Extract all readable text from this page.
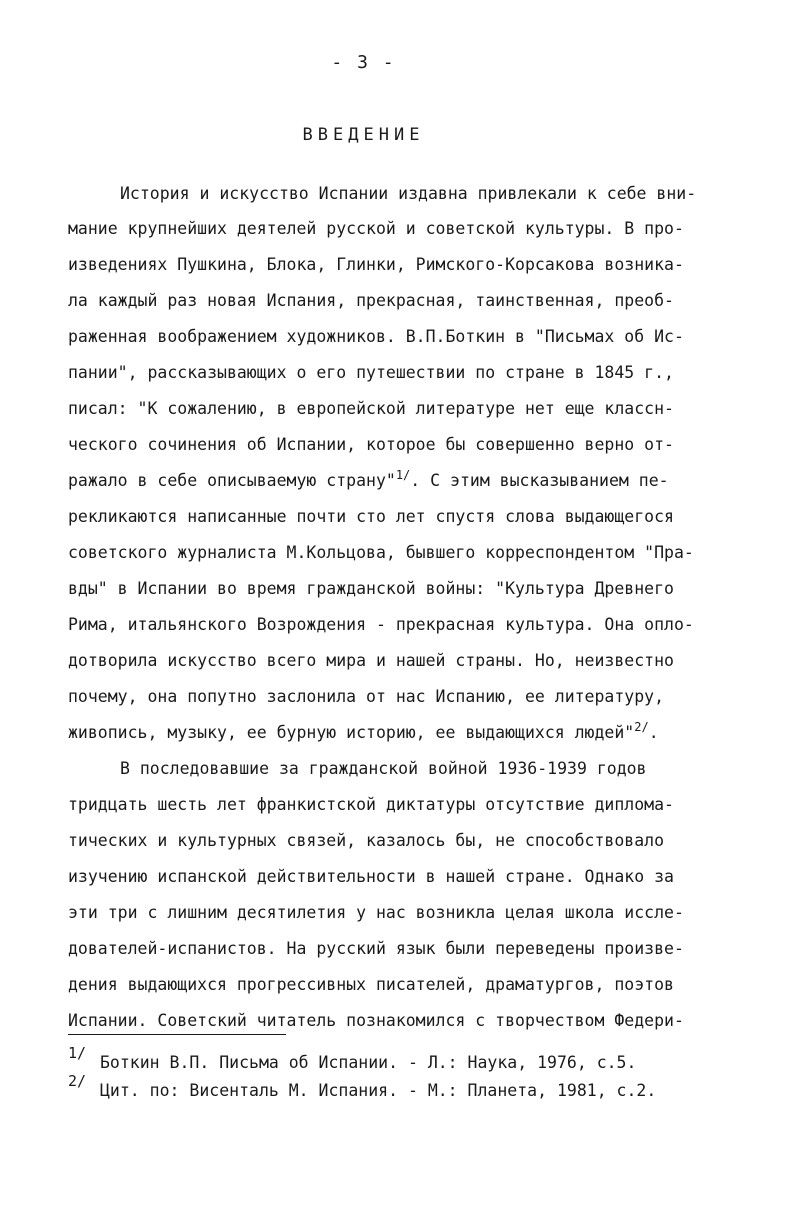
- 3 -
ВВЕДЕНИЕ
История и искусство Испании издавна привлекали к себе вни-
мание крупнейших деятелей русской и советской культуры. В про-
изведениях Пушкина, Блока, Глинки, Римского-Корсакова возника-
ла каждый раз новая Испания, прекрасная, таинственная, преоб-
раженная воображением художников. В.П.Боткин в "Письмах об Ис-
пании", рассказывающих о его путешествии по стране в 1845 г.,
писал: "К сожалению, в европейской литературе нет еще классн-
ческого сочинения об Испании, которое бы совершенно верно от-
ражало в себе описываемую страну"$^{1/}$. С этим высказыванием пе-
рекликаются написанные почти сто лет спустя слова выдающегося
советского журналиста М.Кольцова, бывшего корреспондентом "Пра-
вды" в Испании во время гражданской войны: "Культура Древнего
Рима, итальянского Возрождения - прекрасная культура. Она опло-
дотворила искусство всего мира и нашей страны. Но, неизвестно
почему, она попутно заслонила от нас Испанию, ее литературу,
живопись, музыку, ее бурную историю, ее выдающихся людей"$^{2/}$.
В последовавшие за гражданской войной 1936-1939 годов
тридцать шесть лет франкистской диктатуры отсутствие диплома-
тических и культурных связей, казалось бы, не способствовало
изучению испанской действительности в нашей стране. Однако за
эти три с лишним десятилетия у нас возникла целая школа иссле-
дователей-испанистов. На русский язык были переведены произве-
дения выдающихся прогрессивных писателей, драматургов, поэтов
Испании. Советский читатель познакомился с творчеством Федери-
1/ Боткин В.П. Письма об Испании. - Л.: Наука, 1976, с.5.
2/ Цит. по: Висенталь М. Испания. - М.: Планета, 1981, с.2.
